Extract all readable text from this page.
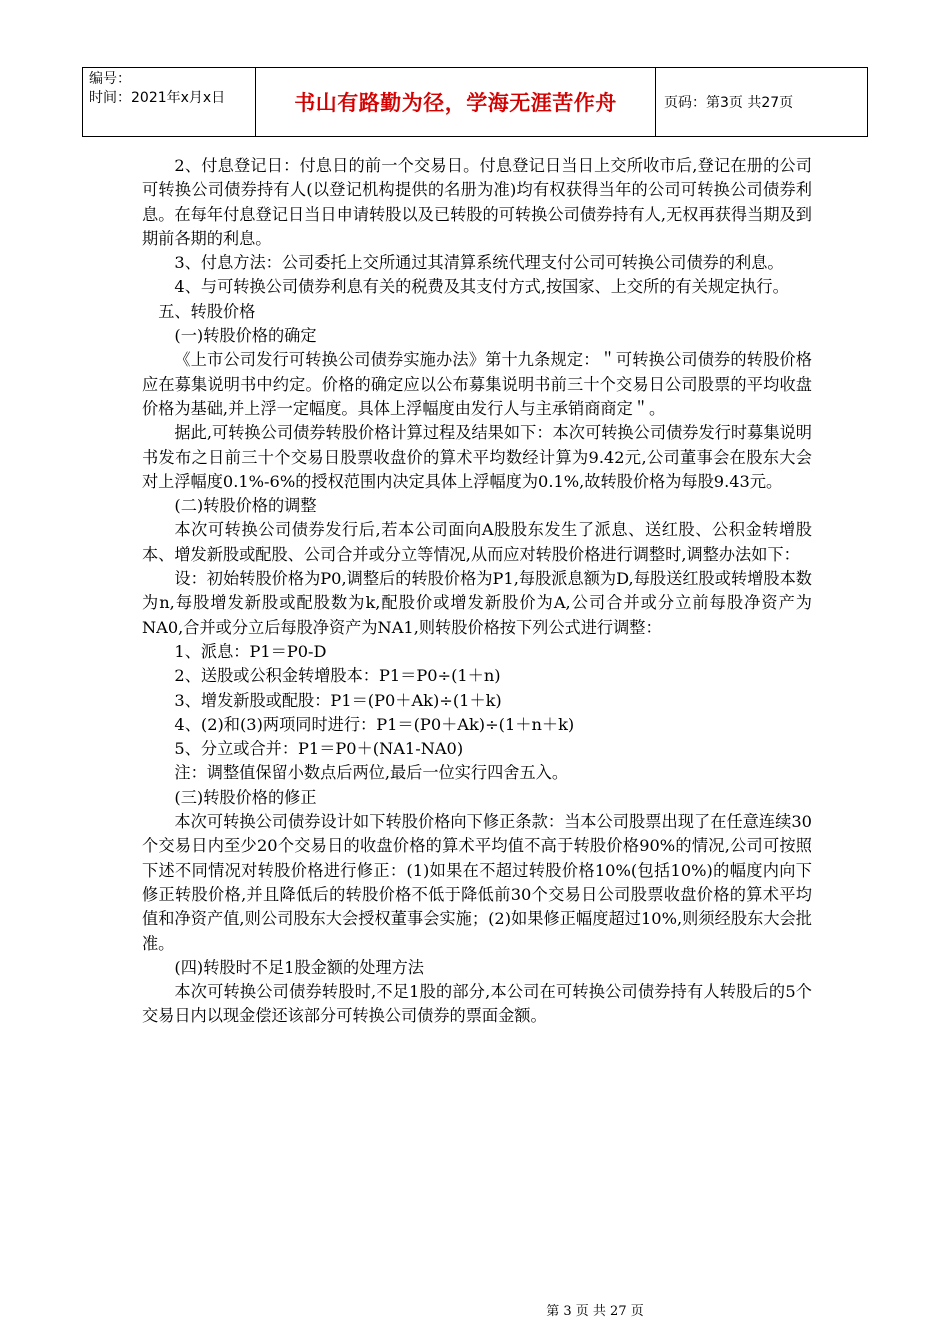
编号：
时间：2021年x月x日	书山有路勤为径，学海无涯苦作舟	页码：第3页 共27页

2、付息登记日：付息日的前一个交易日。付息登记日当日上交所收市后,登记在册的公司可转换公司债券持有人(以登记机构提供的名册为准)均有权获得当年的公司可转换公司债券利息。在每年付息登记日当日申请转股以及已转股的可转换公司债券持有人,无权再获得当期及到期前各期的利息。

3、付息方法：公司委托上交所通过其清算系统代理支付公司可转换公司债券的利息。

4、与可转换公司债券利息有关的税费及其支付方式,按国家、上交所的有关规定执行。

五、转股价格

(一)转股价格的确定

《上市公司发行可转换公司债券实施办法》第十九条规定：＂可转换公司债券的转股价格应在募集说明书中约定。价格的确定应以公布募集说明书前三十个交易日公司股票的平均收盘价格为基础,并上浮一定幅度。具体上浮幅度由发行人与主承销商商定＂。

据此,可转换公司债券转股价格计算过程及结果如下：本次可转换公司债券发行时募集说明书发布之日前三十个交易日股票收盘价的算术平均数经计算为9.42元,公司董事会在股东大会对上浮幅度0.1%-6%的授权范围内决定具体上浮幅度为0.1%,故转股价格为每股9.43元。

(二)转股价格的调整

本次可转换公司债券发行后,若本公司面向A股股东发生了派息、送红股、公积金转增股本、增发新股或配股、公司合并或分立等情况,从而应对转股价格进行调整时,调整办法如下：

设：初始转股价格为P0,调整后的转股价格为P1,每股派息额为D,每股送红股或转增股本数为n,每股增发新股或配股数为k,配股价或增发新股价为A,公司合并或分立前每股净资产为NA0,合并或分立后每股净资产为NA1,则转股价格按下列公式进行调整：

1、派息：P1＝P0-D

2、送股或公积金转增股本：P1＝P0÷(1＋n)

3、增发新股或配股：P1＝(P0＋Ak)÷(1＋k)

4、(2)和(3)两项同时进行：P1＝(P0＋Ak)÷(1＋n＋k)

5、分立或合并：P1＝P0＋(NA1-NA0)

注：调整值保留小数点后两位,最后一位实行四舍五入。

(三)转股价格的修正

本次可转换公司债券设计如下转股价格向下修正条款：当本公司股票出现了在任意连续30个交易日内至少20个交易日的收盘价格的算术平均值不高于转股价格90%的情况,公司可按照下述不同情况对转股价格进行修正：(1)如果在不超过转股价格10%(包括10%)的幅度内向下修正转股价格,并且降低后的转股价格不低于降低前30个交易日公司股票收盘价格的算术平均值和净资产值,则公司股东大会授权董事会实施；(2)如果修正幅度超过10%,则须经股东大会批准。

(四)转股时不足1股金额的处理方法

本次可转换公司债券转股时,不足1股的部分,本公司在可转换公司债券持有人转股后的5个交易日内以现金偿还该部分可转换公司债券的票面金额。

第 3 页 共 27 页
